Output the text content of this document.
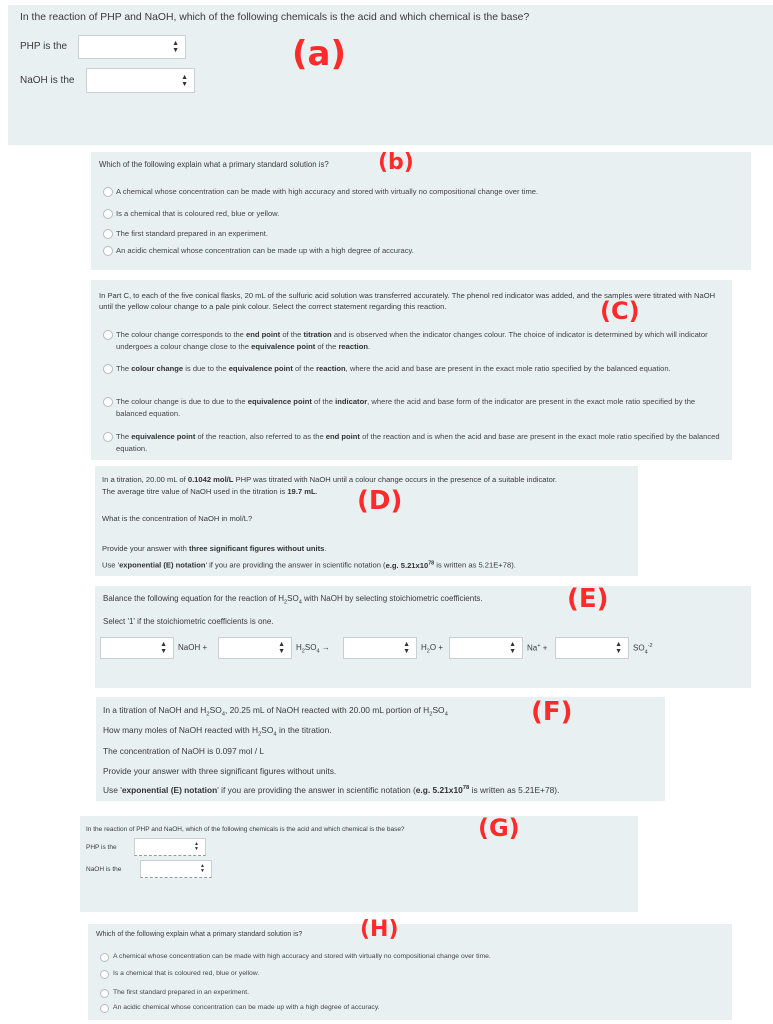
In the reaction of PHP and NaOH, which of the following chemicals is the acid and which chemical is the base?
PHP is the	▲
▼
NaOH is the	▲
▼
(a)
Which of the following explain what a primary standard solution is? (b)
A chemical whose concentration can be made with high accuracy and stored with virtually no compositional change over time.
Is a chemical that is coloured red, blue or yellow.
The first standard prepared in an experiment.
An acidic chemical whose concentration can be made up with a high degree of accuracy.
In Part C, to each of the five conical flasks, 20 mL of the sulfuric acid solution was transferred accurately. The phenol red indicator was added, and the samples were titrated with NaOH until the yellow colour change to a pale pink colour. Select the correct statement regarding this reaction.	(C)
The colour change corresponds to the end point of the titration and is observed when the indicator changes colour. The choice of indicator is determined by which will indicator undergoes a colour change close to the equivalence point of the reaction.
The colour change is due to the equivalence point of the reaction, where the acid and base are present in the exact mole ratio specified by the balanced equation.
The colour change is due to due to the equivalence point of the indicator, where the acid and base form of the indicator are present in the exact mole ratio specified by the balanced equation.
The equivalence point of the reaction, also referred to as the end point of the reaction and is when the acid and base are present in the exact mole ratio specified by the balanced equation.
In a titration, 20.00 mL of 0.1042 mol/L PHP was titrated with NaOH until a colour change occurs in the presence of a suitable indicator.
The average titre value of NaOH used in the titration is 19.7 mL. (D)
What is the concentration of NaOH in mol/L?
Provide your answer with three significant figures without units.
Use 'exponential (E) notation' if you are providing the answer in scientific notation (e.g. $5.21x10^{78}$ is written as 5.21E+78).
Balance the following equation for the reaction of $H_2SO_4$ with NaOH by selecting stoichiometric coefficients.	(E)
Select '1' if the stoichiometric coefficients is one.
▲
▼ NaOH +	▲
▼ $H_2SO_4$ →	▲
▼ $H_2O$ +	▲
▼ Na+ +	▲
▼ $SO_4^{-2}$
In a titration of NaOH and $H_2SO_4$, 20.25 mL of NaOH reacted with 20.00 mL portion of $H_2SO_4$	(F)
How many moles of NaOH reacted with $H_2SO_4$ in the titration.
The concentration of NaOH is 0.097 mol / L
Provide your answer with three significant figures without units.
Use 'exponential (E) notation' if you are providing the answer in scientific notation (e.g. $5.21x10^{78}$ is written as 5.21E+78).
In the reaction of PHP and NaOH, which of the following chemicals is the acid and which chemical is the base?	(G)
PHP is the	▲
▼
NaOH is the	▲
▼
Which of the following explain what a primary standard solution is?	(H)
A chemical whose concentration can be made with high accuracy and stored with virtually no compositional change over time.
Is a chemical that is coloured red, blue or yellow.
The first standard prepared in an experiment.
An acidic chemical whose concentration can be made up with a high degree of accuracy.
